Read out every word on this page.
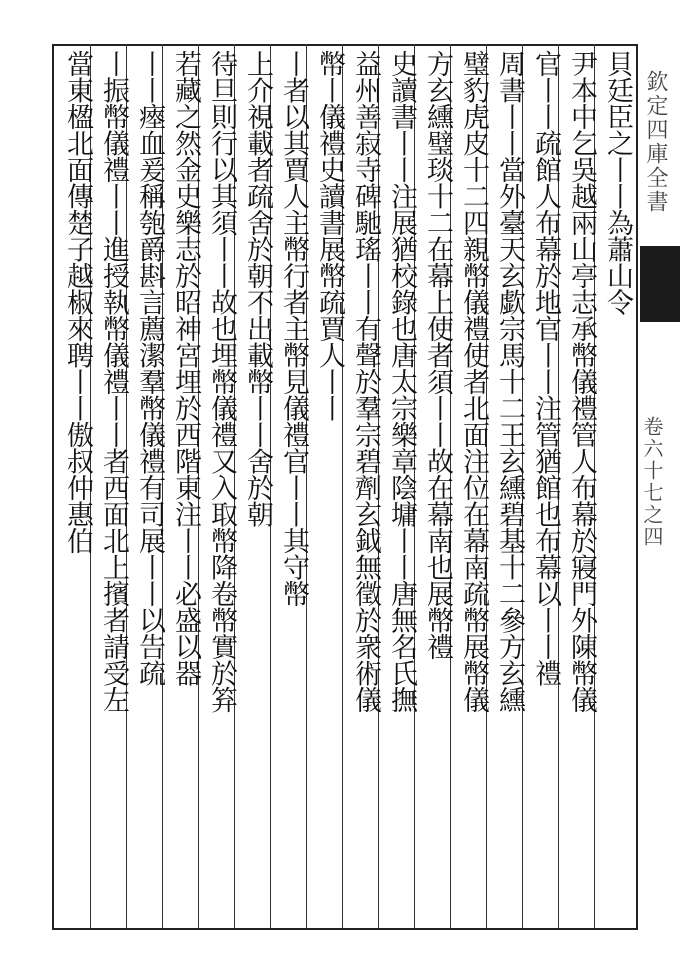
貝廷臣之丨丨為蕭山令
尹本中乞吳越兩山亭志承幣儀禮管人布幕於寢門外陳幣儀
官丨丨疏館人布幕於地官丨丨注管猶館也布幕以丨丨禮
周書丨丨當外臺天玄歔宗馬十二王玄纁碧基十二參方玄纁
璧豹虎皮十二四親幣儀禮使者北面注位在幕南疏幣展幣儀
方玄纁璧琰十二在幕上使者須丨丨故在幕南也展幣禮
史讀書丨丨注展猶校錄也唐太宗樂章陰墉丨丨唐無名氏撫
益州善寂寺碑馳瑤丨丨有聲於羣宗碧劑玄鉞無徵於衆術儀
幣丨儀禮史讀書展幣疏賈人丨丨
丨者以其賈人主幣行者主幣見儀禮官丨丨其守幣
上介視載者疏舍於朝不出載幣丨丨舍於朝
待旦則行以其須丨丨故也埋幣儀禮又入取幣降卷幣實於笲
若藏之然金史樂志於昭神宮埋於西階東注丨丨必盛以器
丨丨瘞血爰稱匏爵斟言薦潔羣幣儀禮有司展丨丨以告疏
丨振幣儀禮丨丨進授執幣儀禮丨丨者西面北上擯者請受左
當東楹北面傳楚子越椒來聘丨丨傲叔仲惠伯	欽定四庫全書
卷六十七之四
